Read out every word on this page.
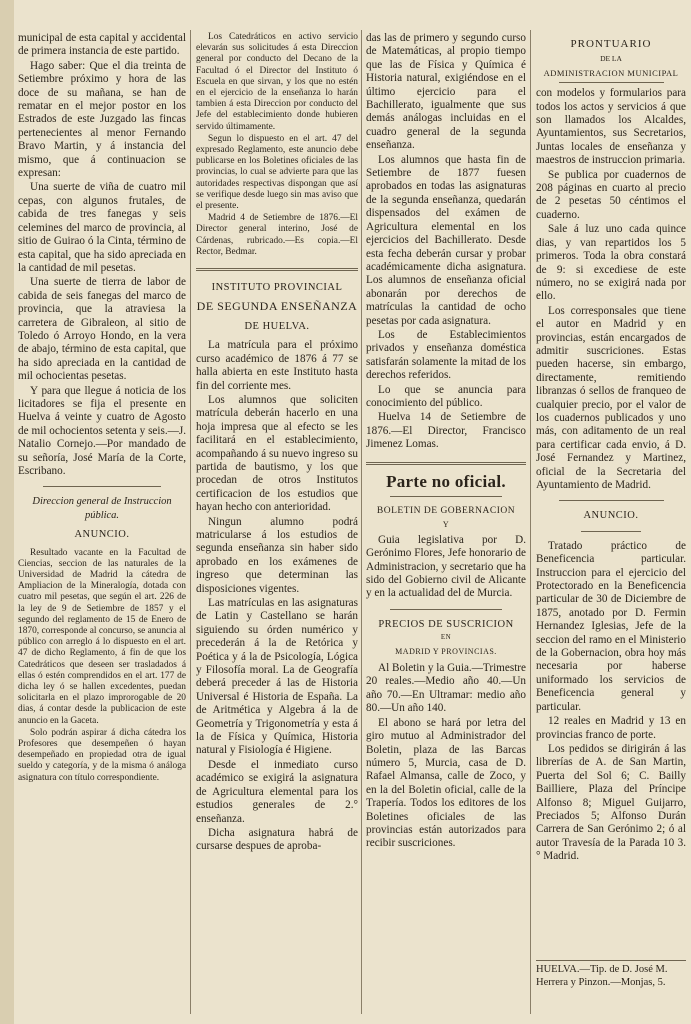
municipal de esta capital y accidental de primera instancia de este partido.

Hago saber: Que el dia treinta de Setiembre próximo y hora de las doce de su mañana, se han de rematar en el mejor postor en los Estrados de este Juzgado las fincas pertenecientes al menor Fernando Bravo Martin, y á instancia del mismo, que á continuacion se expresan:

Una suerte de viña de cuatro mil cepas, con algunos frutales, de cabida de tres fanegas y seis celemines del marco de provincia, al sitio de Guirao ó la Cinta, término de esta capital, que ha sido apreciada en la cantidad de mil pesetas.

Una suerte de tierra de labor de cabida de seis fanegas del marco de provincia, que la atraviesa la carretera de Gibraleon, al sitio de Toledo ó Arroyo Hondo, en la vera de abajo, término de esta capital, que ha sido apreciada en la cantidad de mil ochocientas pesetas.

Y para que llegue á noticia de los licitadores se fija el presente en Huelva á veinte y cuatro de Agosto de mil ochocientos setenta y seis.—J. Natalio Cornejo.—Por mandado de su señoría, José María de la Corte, Escribano.

Direccion general de Instruccion pública.

ANUNCIO.

Resultado vacante en la Facultad de Ciencias, seccion de las naturales de la Universidad de Madrid la cátedra de Ampliacion de la Mineralogía, dotada con cuatro mil pesetas, que según el art. 226 de la ley de 9 de Setiembre de 1857 y el segundo del reglamento de 15 de Enero de 1870, corresponde al concurso, se anuncia al público con arreglo á lo dispuesto en el art. 47 de dicho Reglamento, á fin de que los Catedráticos que deseen ser trasladados á ellas ó estén comprendidos en el art. 177 de dicha ley ó se hallen excedentes, puedan solicitarla en el plazo improrogable de 20 dias, á contar desde la publicacion de este anuncio en la Gaceta.

Solo podrán aspirar á dicha cátedra los Profesores que desempeñen ó hayan desempeñado en propiedad otra de igual sueldo y categoría, y de la misma ó análoga asignatura con título correspondiente.

Los Catedráticos en activo servicio elevarán sus solicitudes á esta Direccion general por conducto del Decano de la Facultad ó el Director del Instituto ó Escuela en que sirvan, y los que no estén en el ejercicio de la enseñanza lo harán tambien á esta Direccion por conducto del Jefe del establecimiento donde hubieren servido últimamente.

Segun lo dispuesto en el art. 47 del expresado Reglamento, este anuncio debe publicarse en los Boletines oficiales de las provincias, lo cual se advierte para que las autoridades respectivas dispongan que así se verifique desde luego sin mas aviso que el presente.

Madrid 4 de Setiembre de 1876.—El Director general interino, José de Cárdenas, rubricado.—Es copia.—El Rector, Bedmar.

INSTITUTO PROVINCIAL

DE SEGUNDA ENSEÑANZA

DE HUELVA.

La matrícula para el próximo curso académico de 1876 á 77 se halla abierta en este Instituto hasta fin del corriente mes.

Los alumnos que soliciten matrícula deberán hacerlo en una hoja impresa que al efecto se les facilitará en el establecimiento, acompañando á su nuevo ingreso su partida de bautismo, y los que procedan de otros Institutos certificacion de los estudios que hayan hecho con anterioridad.

Ningun alumno podrá matricularse á los estudios de segunda enseñanza sin haber sido aprobado en los exámenes de ingreso que determinan las disposiciones vigentes.

Las matrículas en las asignaturas de Latin y Castellano se harán siguiendo su órden numérico y precederán á la de Retórica y Poética y á la de Psicología, Lógica y Filosofía moral. La de Geografía deberá preceder á las de Historia Universal é Historia de España. La de Aritmética y Algebra á la de Geometría y Trigonometría y esta á la de Física y Química, Historia natural y Fisiología é Higiene.

Desde el inmediato curso académico se exigirá la asignatura de Agricultura elemental para los estudios generales de 2.° enseñanza.

Dicha asignatura habrá de cursarse despues de aproba-

das las de primero y segundo curso de Matemáticas, al propio tiempo que las de Física y Química é Historia natural, exigiéndose en el último ejercicio para el Bachillerato, igualmente que sus demás análogas incluidas en el cuadro general de la segunda enseñanza.

Los alumnos que hasta fin de Setiembre de 1877 fuesen aprobados en todas las asignaturas de la segunda enseñanza, quedarán dispensados del exámen de Agricultura elemental en los ejercicios del Bachillerato. Desde esta fecha deberán cursar y probar académicamente dicha asignatura. Los alumnos de enseñanza oficial abonarán por derechos de matrículas la cantidad de ocho pesetas por cada asignatura.

Los de Establecimientos privados y enseñanza doméstica satisfarán solamente la mitad de los derechos referidos.

Lo que se anuncia para conocimiento del público.

Huelva 14 de Setiembre de 1876.—El Director, Francisco Jimenez Lomas.

Parte no oficial.

BOLETIN DE GOBERNACION

Y

Guia legislativa por D. Gerónimo Flores, Jefe honorario de Administracion, y secretario que ha sido del Gobierno civil de Alicante y en la actualidad del de Murcia.

PRECIOS DE SUSCRICION

EN

MADRID Y PROVINCIAS.

Al Boletin y la Guia.—Trimestre 20 reales.—Medio año 40.—Un año 70.—En Ultramar: medio año 80.—Un año 140.

El abono se hará por letra del giro mutuo al Administrador del Boletin, plaza de las Barcas número 5, Murcia, casa de D. Rafael Almansa, calle de Zoco, y en la del Boletin oficial, calle de la Trapería. Todos los editores de los Boletines oficiales de las provincias están autorizados para recibir suscriciones.

PRONTUARIO

DE LA

ADMINISTRACION MUNICIPAL

con modelos y formularios para todos los actos y servicios á que son llamados los Alcaldes, Ayuntamientos, sus Secretarios, Juntas locales de enseñanza y maestros de instruccion primaria.

Se publica por cuadernos de 208 páginas en cuarto al precio de 2 pesetas 50 céntimos el cuaderno.

Sale á luz uno cada quince dias, y van repartidos los 5 primeros. Toda la obra constará de 9: si excediese de este número, no se exigirá nada por ello.

Los corresponsales que tiene el autor en Madrid y en provincias, están encargados de admitir suscriciones. Estas pueden hacerse, sin embargo, directamente, remitiendo libranzas ó sellos de franqueo de cualquier precio, por el valor de los cuadernos publicados y uno más, con aditamento de un real para certificar cada envio, á D. José Fernandez y Martinez, oficial de la Secretaria del Ayuntamiento de Madrid.

ANUNCIO.

Tratado práctico de Beneficencia particular. Instruccion para el ejercicio del Protectorado en la Beneficencia particular de 30 de Diciembre de 1875, anotado por D. Fermin Hernandez Iglesias, Jefe de la seccion del ramo en el Ministerio de la Gobernacion, obra hoy más necesaria por haberse uniformado los servicios de Beneficencia general y particular.

12 reales en Madrid y 13 en provincias franco de porte.

Los pedidos se dirigirán á las librerías de A. de San Martin, Puerta del Sol 6; C. Bailly Bailliere, Plaza del Príncipe Alfonso 8; Miguel Guijarro, Preciados 5; Alfonso Durán Carrera de San Gerónimo 2; ó al autor Travesía de la Parada 10 3.° Madrid.

HUELVA.—Tip. de D. José M. Herrera y Pinzon.—Monjas, 5.
